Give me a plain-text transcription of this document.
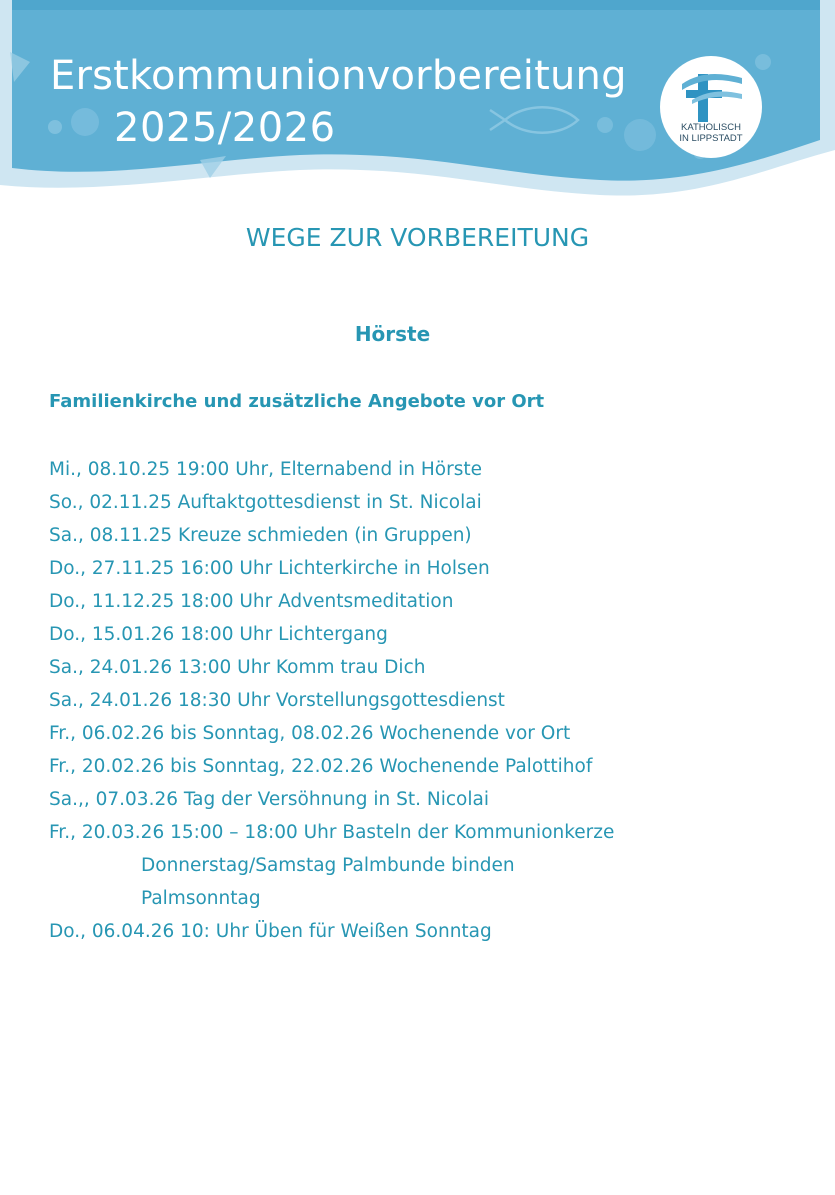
Erstkommunionvorbereitung
2025/2026	KATHOLISCH
IN LIPPSTADT
WEGE ZUR VORBEREITUNG
Hörste
Familienkirche und zusätzliche Angebote vor Ort
Mi., 08.10.25 19:00 Uhr, Elternabend in Hörste
So., 02.11.25 Auftaktgottesdienst in St. Nicolai
Sa., 08.11.25 Kreuze schmieden (in Gruppen)
Do., 27.11.25 16:00 Uhr Lichterkirche in Holsen
Do., 11.12.25 18:00 Uhr Adventsmeditation
Do., 15.01.26 18:00 Uhr Lichtergang
Sa., 24.01.26 13:00 Uhr Komm trau Dich
Sa., 24.01.26 18:30 Uhr Vorstellungsgottesdienst
Fr., 06.02.26 bis Sonntag, 08.02.26 Wochenende vor Ort
Fr., 20.02.26 bis Sonntag, 22.02.26 Wochenende Palottihof
Sa.,, 07.03.26 Tag der Versöhnung in St. Nicolai
Fr., 20.03.26 15:00 – 18:00 Uhr Basteln der Kommunionkerze
Donnerstag/Samstag Palmbunde binden
Palmsonntag
Do., 06.04.26 10: Uhr Üben für Weißen Sonntag
